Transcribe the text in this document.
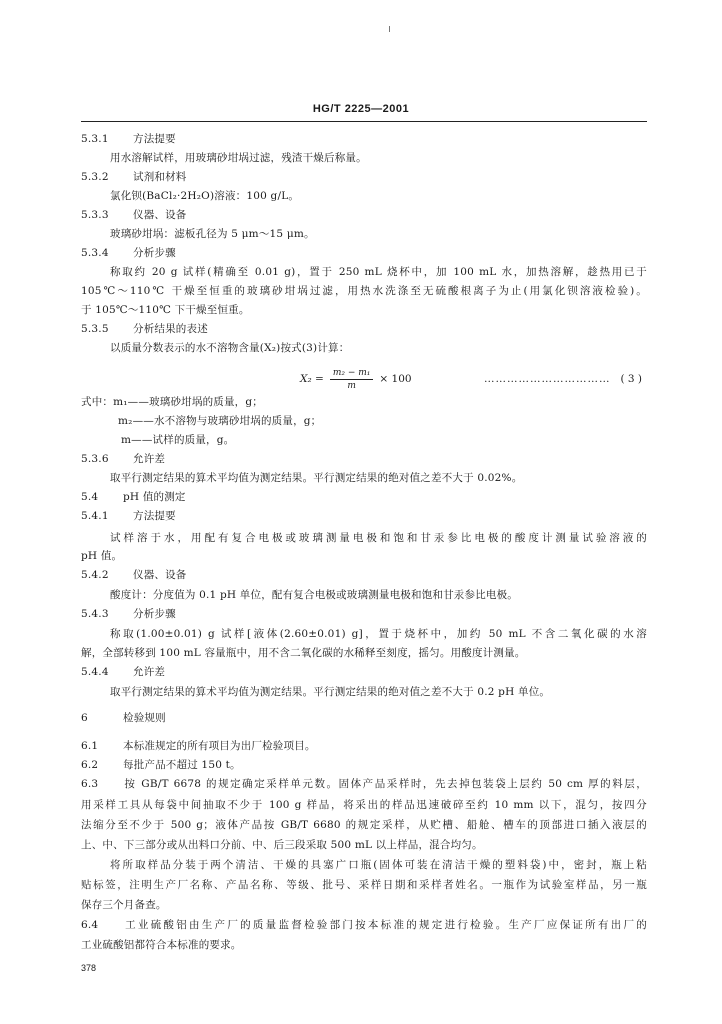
HG/T 2225—2001
5.3.1 方法提要
用水溶解试样，用玻璃砂坩埚过滤，残渣干燥后称量。
5.3.2 试剂和材料
氯化钡(BaCl₂·2H₂O)溶液：100 g/L。
5.3.3 仪器、设备
玻璃砂坩埚：滤板孔径为 5 μm～15 μm。
5.3.4 分析步骤
称取约 20 g 试样(精确至 0.01 g)，置于 250 mL 烧杯中，加 100 mL 水，加热溶解，趁热用已于
105℃～110℃ 干燥至恒重的玻璃砂坩埚过滤，用热水洗涤至无硫酸根离子为止(用氯化钡溶液检验)。
于 105℃～110℃ 下干燥至恒重。
5.3.5 分析结果的表述
以质量分数表示的水不溶物含量(X₂)按式(3)计算：
$X_2 = \frac{\text{m₂ − m₁}}{m} \times 100$	…………………………… ( 3 )
式中：m₁——玻璃砂坩埚的质量，g；
m₂——水不溶物与玻璃砂坩埚的质量，g；
m——试样的质量，g。
5.3.6 允许差
取平行测定结果的算术平均值为测定结果。平行测定结果的绝对值之差不大于 0.02%。
5.4 pH 值的测定
5.4.1 方法提要
试样溶于水，用配有复合电极或玻璃测量电极和饱和甘汞参比电极的酸度计测量试验溶液的
pH 值。
5.4.2 仪器、设备
酸度计：分度值为 0.1 pH 单位，配有复合电极或玻璃测量电极和饱和甘汞参比电极。
5.4.3 分析步骤
称取(1.00±0.01) g 试样[液体(2.60±0.01) g]，置于烧杯中，加约 50 mL 不含二氧化碳的水溶
解，全部转移到 100 mL 容量瓶中，用不含二氧化碳的水稀释至刻度，摇匀。用酸度计测量。
5.4.4 允许差
取平行测定结果的算术平均值为测定结果。平行测定结果的绝对值之差不大于 0.2 pH 单位。
6	检验规则
6.1 本标准规定的所有项目为出厂检验项目。
6.2 每批产品不超过 150 t。
6.3 按 GB/T 6678 的规定确定采样单元数。固体产品采样时，先去掉包装袋上层约 50 cm 厚的料层，
用采样工具从每袋中间抽取不少于 100 g 样品，将采出的样品迅速破碎至约 10 mm 以下，混匀，按四分
法缩分至不少于 500 g；液体产品按 GB/T 6680 的规定采样，从贮槽、船舱、槽车的顶部进口插入液层的
上、中、下三部分或从出料口分前、中、后三段采取 500 mL 以上样品，混合均匀。
将所取样品分装于两个清洁、干燥的具塞广口瓶(固体可装在清洁干燥的塑料袋)中，密封，瓶上粘
贴标签，注明生产厂名称、产品名称、等级、批号、采样日期和采样者姓名。一瓶作为试验室样品，另一瓶
保存三个月备查。
6.4 工业硫酸铝由生产厂的质量监督检验部门按本标准的规定进行检验。生产厂应保证所有出厂的
工业硫酸铝都符合本标准的要求。
378
